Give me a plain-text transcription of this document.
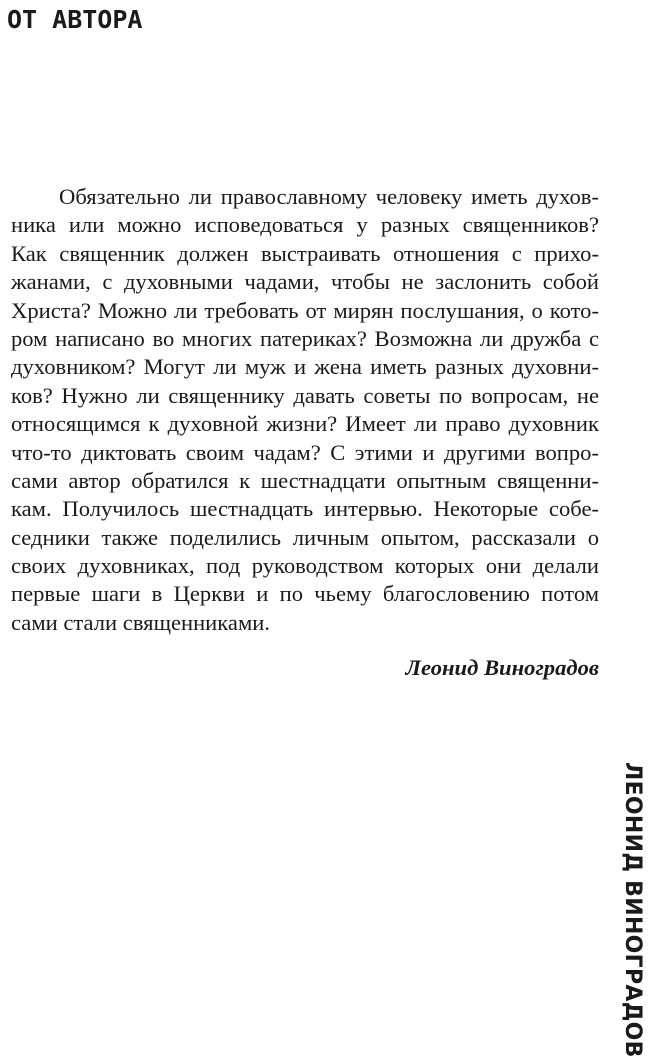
ОТ АВТОРА
Обязательно ли православному человеку иметь духов-
ника или можно исповедоваться у разных священников?
Как священник должен выстраивать отношения с прихо-
жанами, с духовными чадами, чтобы не заслонить собой
Христа? Можно ли требовать от мирян послушания, о кото-
ром написано во многих патериках? Возможна ли дружба с
духовником? Могут ли муж и жена иметь разных духовни-
ков? Нужно ли священнику давать советы по вопросам, не
относящимся к духовной жизни? Имеет ли право духовник
что-то диктовать своим чадам? С этими и другими вопро-
сами автор обратился к шестнадцати опытным священни-
кам. Получилось шестнадцать интервью. Некоторые собе-
седники также поделились личным опытом, рассказали о
своих духовниках, под руководством которых они делали
первые шаги в Церкви и по чьему благословению потом
сами стали священниками.

Леонид Виноградов

ЛЕОНИД ВИНОГРАДОВ
